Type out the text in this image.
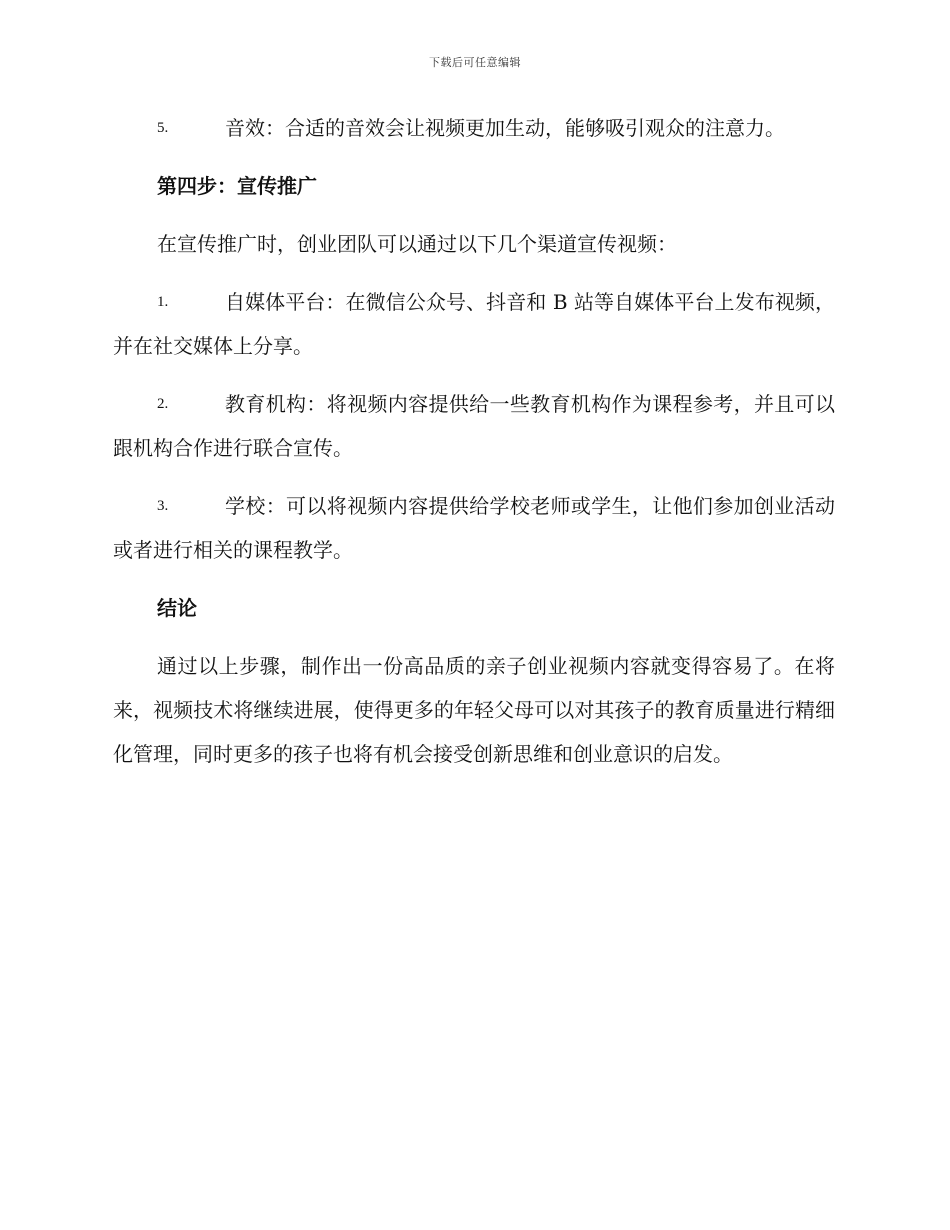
下载后可任意编辑

5.	音效：合适的音效会让视频更加生动，能够吸引观众的注意力。

第四步：宣传推广

在宣传推广时，创业团队可以通过以下几个渠道宣传视频：

1.	自媒体平台：在微信公众号、抖音和 B 站等自媒体平台上发布视频，并在社交媒体上分享。

2.	教育机构：将视频内容提供给一些教育机构作为课程参考，并且可以跟机构合作进行联合宣传。

3.	学校：可以将视频内容提供给学校老师或学生，让他们参加创业活动或者进行相关的课程教学。

结论

通过以上步骤，制作出一份高品质的亲子创业视频内容就变得容易了。在将来，视频技术将继续进展，使得更多的年轻父母可以对其孩子的教育质量进行精细化管理，同时更多的孩子也将有机会接受创新思维和创业意识的启发。
